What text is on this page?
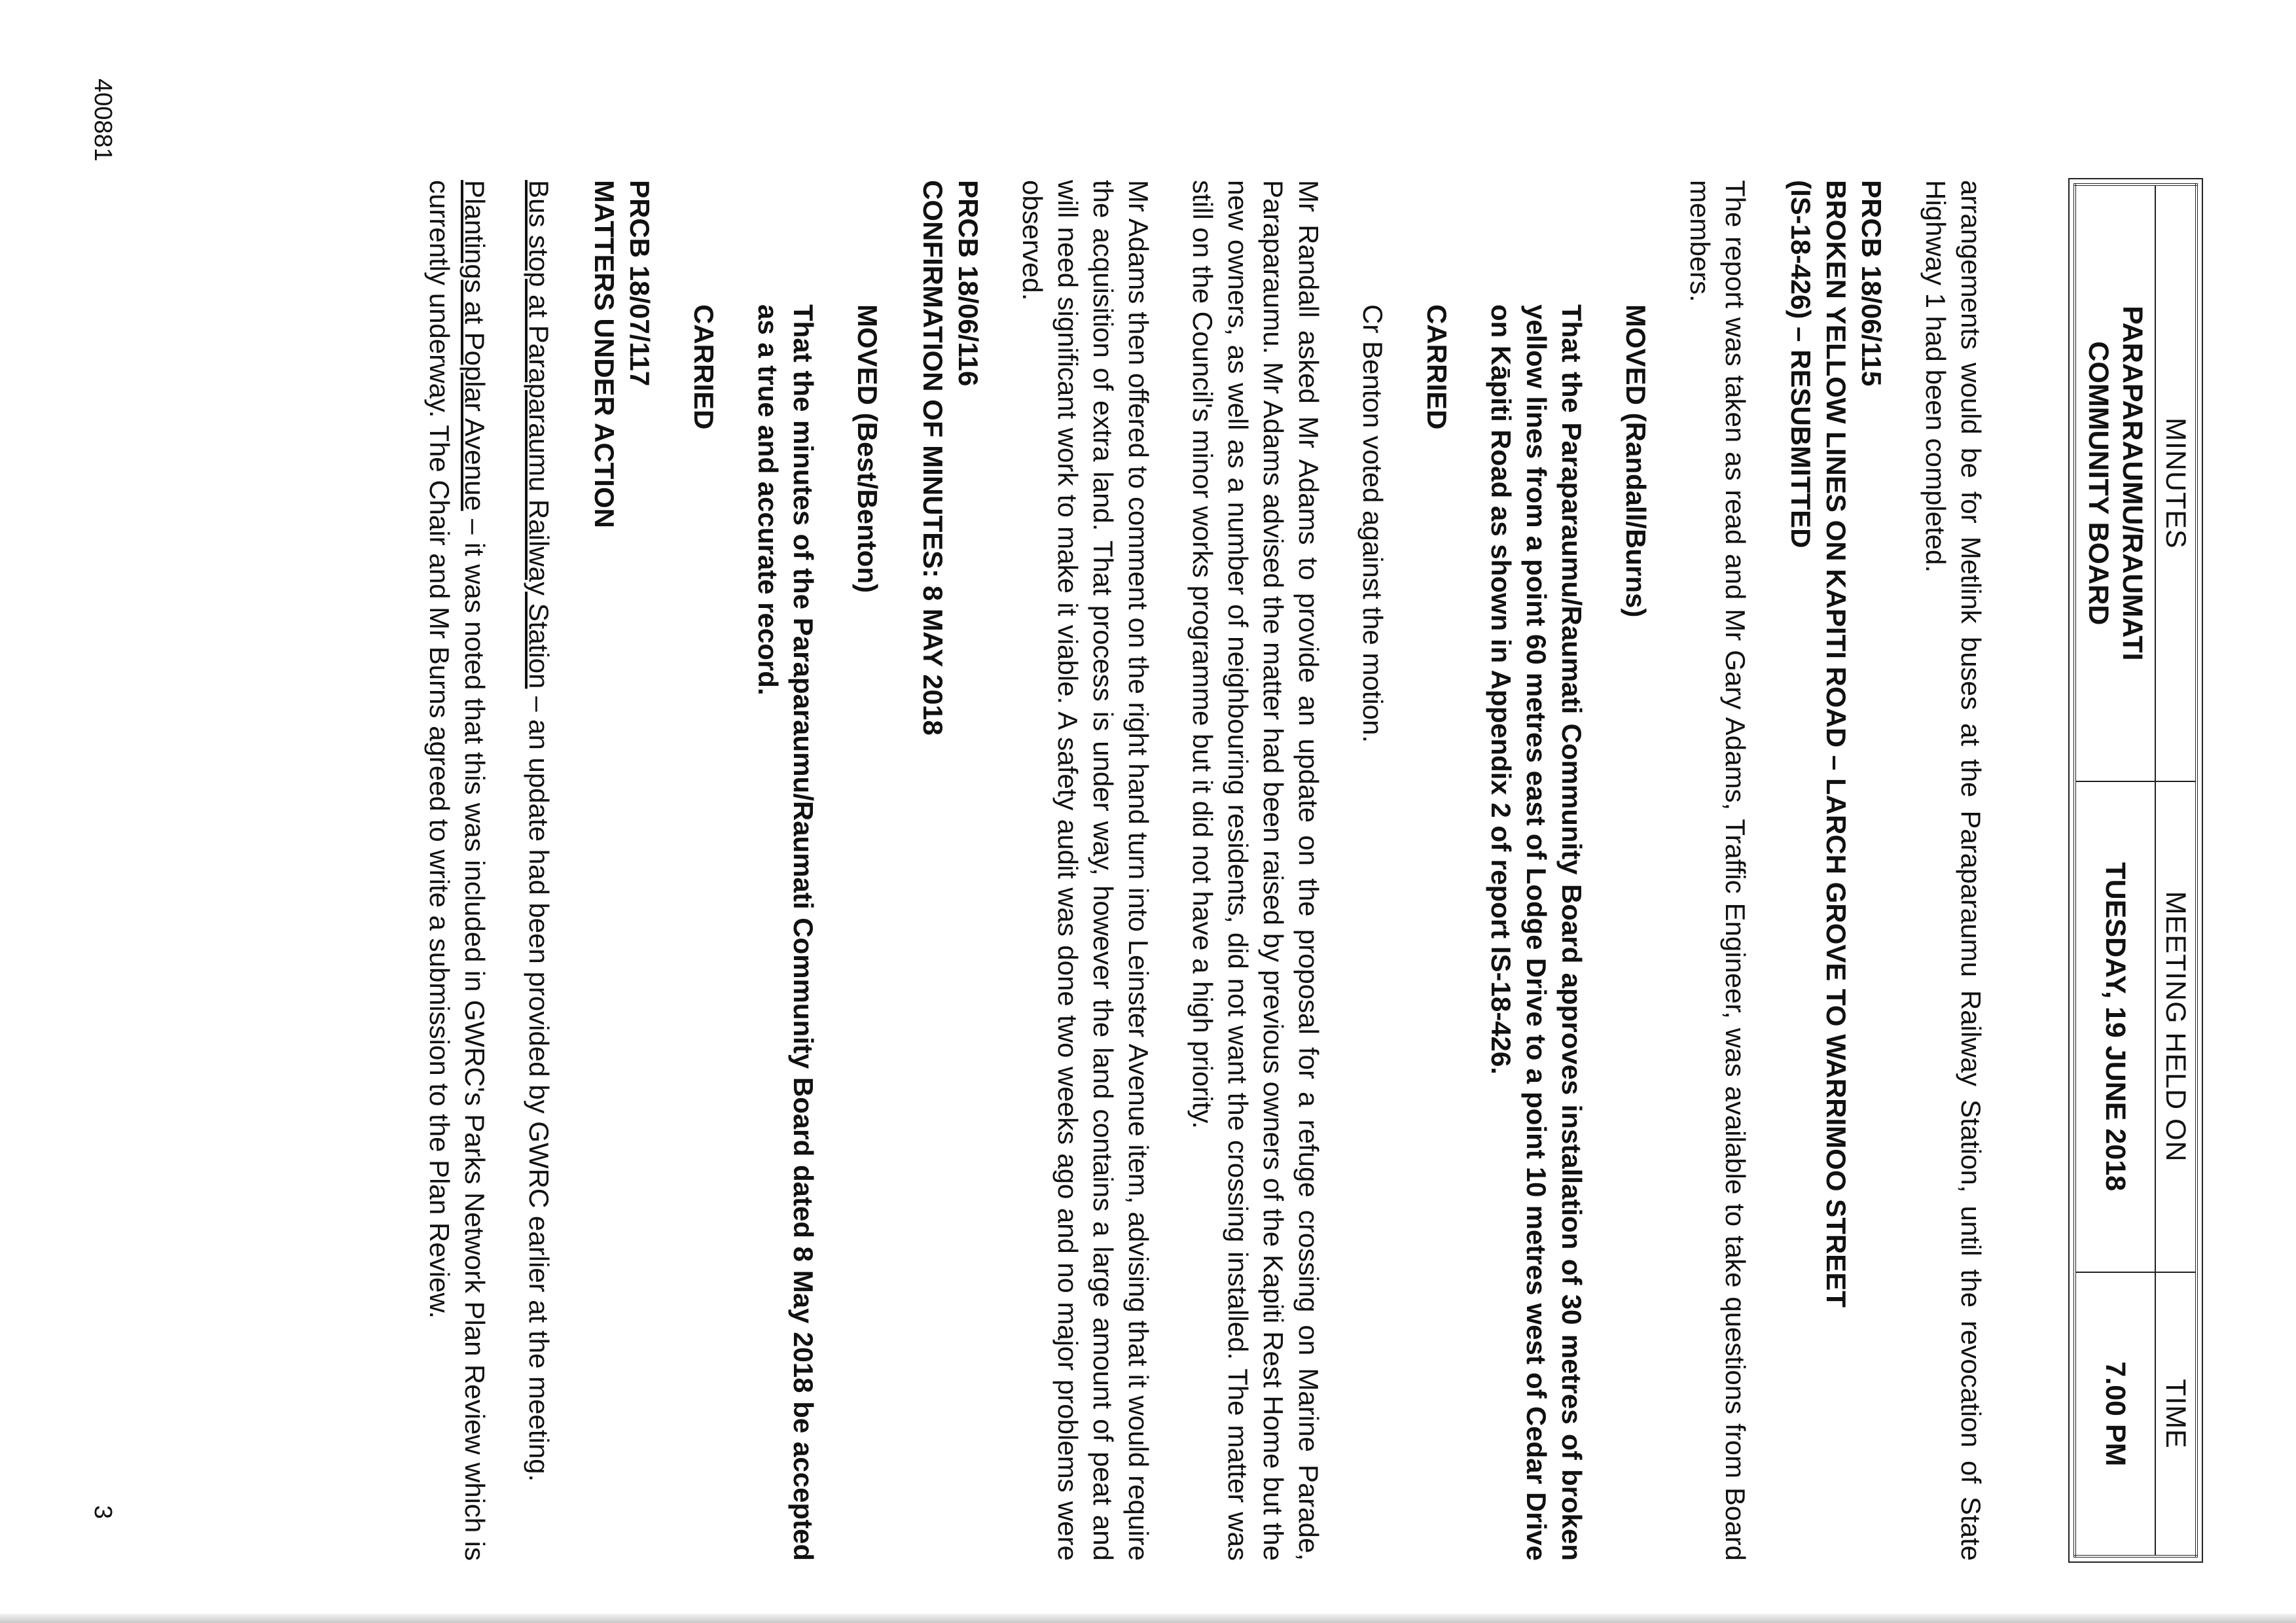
MINUTES	MEETING HELD ON	TIME

PARAPARAUMU/RAUMATI
COMMUNITY BOARD	TUESDAY, 19 JUNE 2018	7.00 PM

arrangements would be for Metlink buses at the Paraparaumu Railway Station, until the revocation of State Highway 1 had been completed.

PRCB 18/06/115
BROKEN YELLOW LINES ON KAPITI ROAD – LARCH GROVE TO WARRIMOO STREET
(IS-18-426) – RESUBMITTED

The report was taken as read and Mr Gary Adams, Traffic Engineer, was available to take questions from Board members.

MOVED (Randall/Burns)

That the Paraparaumu/Raumati Community Board approves installation of 30 metres of broken yellow lines from a point 60 metres east of Lodge Drive to a point 10 metres west of Cedar Drive on Kāpiti Road as shown in Appendix 2 of report IS-18-426.

CARRIED

Cr Benton voted against the motion.

Mr Randall asked Mr Adams to provide an update on the proposal for a refuge crossing on Marine Parade, Paraparaumu. Mr Adams advised the matter had been raised by previous owners of the Kapiti Rest Home but the new owners, as well as a number of neighbouring residents, did not want the crossing installed. The matter was still on the Council's minor works programme but it did not have a high priority.

Mr Adams then offered to comment on the right hand turn into Leinster Avenue item, advising that it would require the acquisition of extra land. That process is under way, however the land contains a large amount of peat and will need significant work to make it viable. A safety audit was done two weeks ago and no major problems were observed.

PRCB 18/06/116
CONFIRMATION OF MINUTES: 8 MAY 2018

MOVED (Best/Benton)

That the minutes of the Paraparaumu/Raumati Community Board dated 8 May 2018 be accepted as a true and accurate record.

CARRIED

PRCB 18/07/117
MATTERS UNDER ACTION

Bus stop at Paraparaumu Railway Station – an update had been provided by GWRC earlier at the meeting.

Plantings at Poplar Avenue – it was noted that this was included in GWRC's Parks Network Plan Review which is currently underway. The Chair and Mr Burns agreed to write a submission to the Plan Review.

400881
3
